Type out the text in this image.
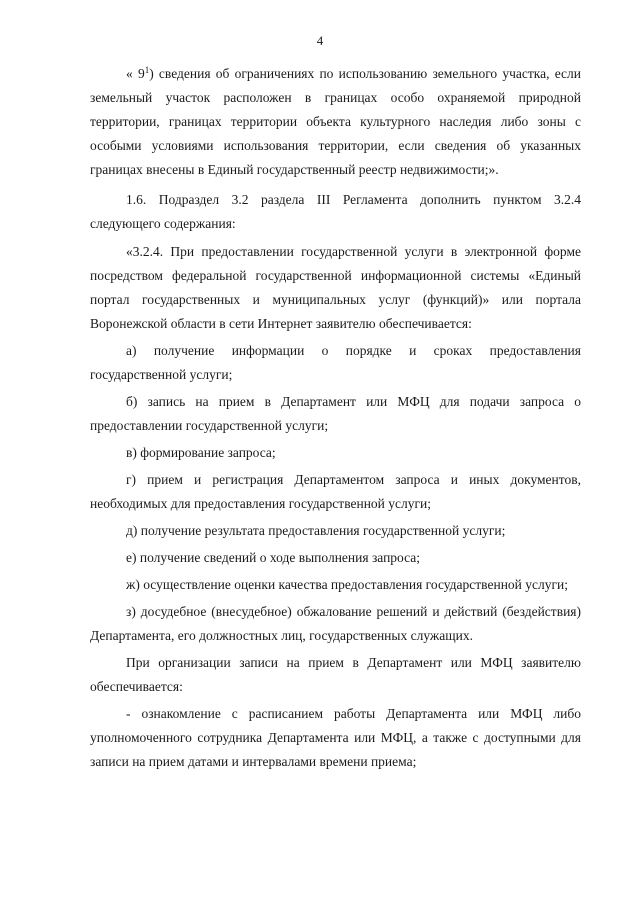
4

« $9^1$) сведения об ограничениях по использованию земельного участка, если земельный участок расположен в границах особо охраняемой природной территории, границах территории объекта культурного наследия либо зоны с особыми условиями использования территории, если сведения об указанных границах внесены в Единый государственный реестр недвижимости;».

1.6. Подраздел 3.2 раздела III Регламента дополнить пунктом 3.2.4 следующего содержания:

«3.2.4. При предоставлении государственной услуги в электронной форме посредством федеральной государственной информационной системы «Единый портал государственных и муниципальных услуг (функций)» или портала Воронежской области в сети Интернет заявителю обеспечивается:

а) получение информации о порядке и сроках предоставления государственной услуги;

б) запись на прием в Департамент или МФЦ для подачи запроса о предоставлении государственной услуги;

в) формирование запроса;

г) прием и регистрация Департаментом запроса и иных документов, необходимых для предоставления государственной услуги;

д) получение результата предоставления государственной услуги;

е) получение сведений о ходе выполнения запроса;

ж) осуществление оценки качества предоставления государственной услуги;

з) досудебное (внесудебное) обжалование решений и действий (бездействия) Департамента, его должностных лиц, государственных служащих.

При организации записи на прием в Департамент или МФЦ заявителю обеспечивается:

- ознакомление с расписанием работы Департамента или МФЦ либо уполномоченного сотрудника Департамента или МФЦ, а также с доступными для записи на прием датами и интервалами времени приема;
